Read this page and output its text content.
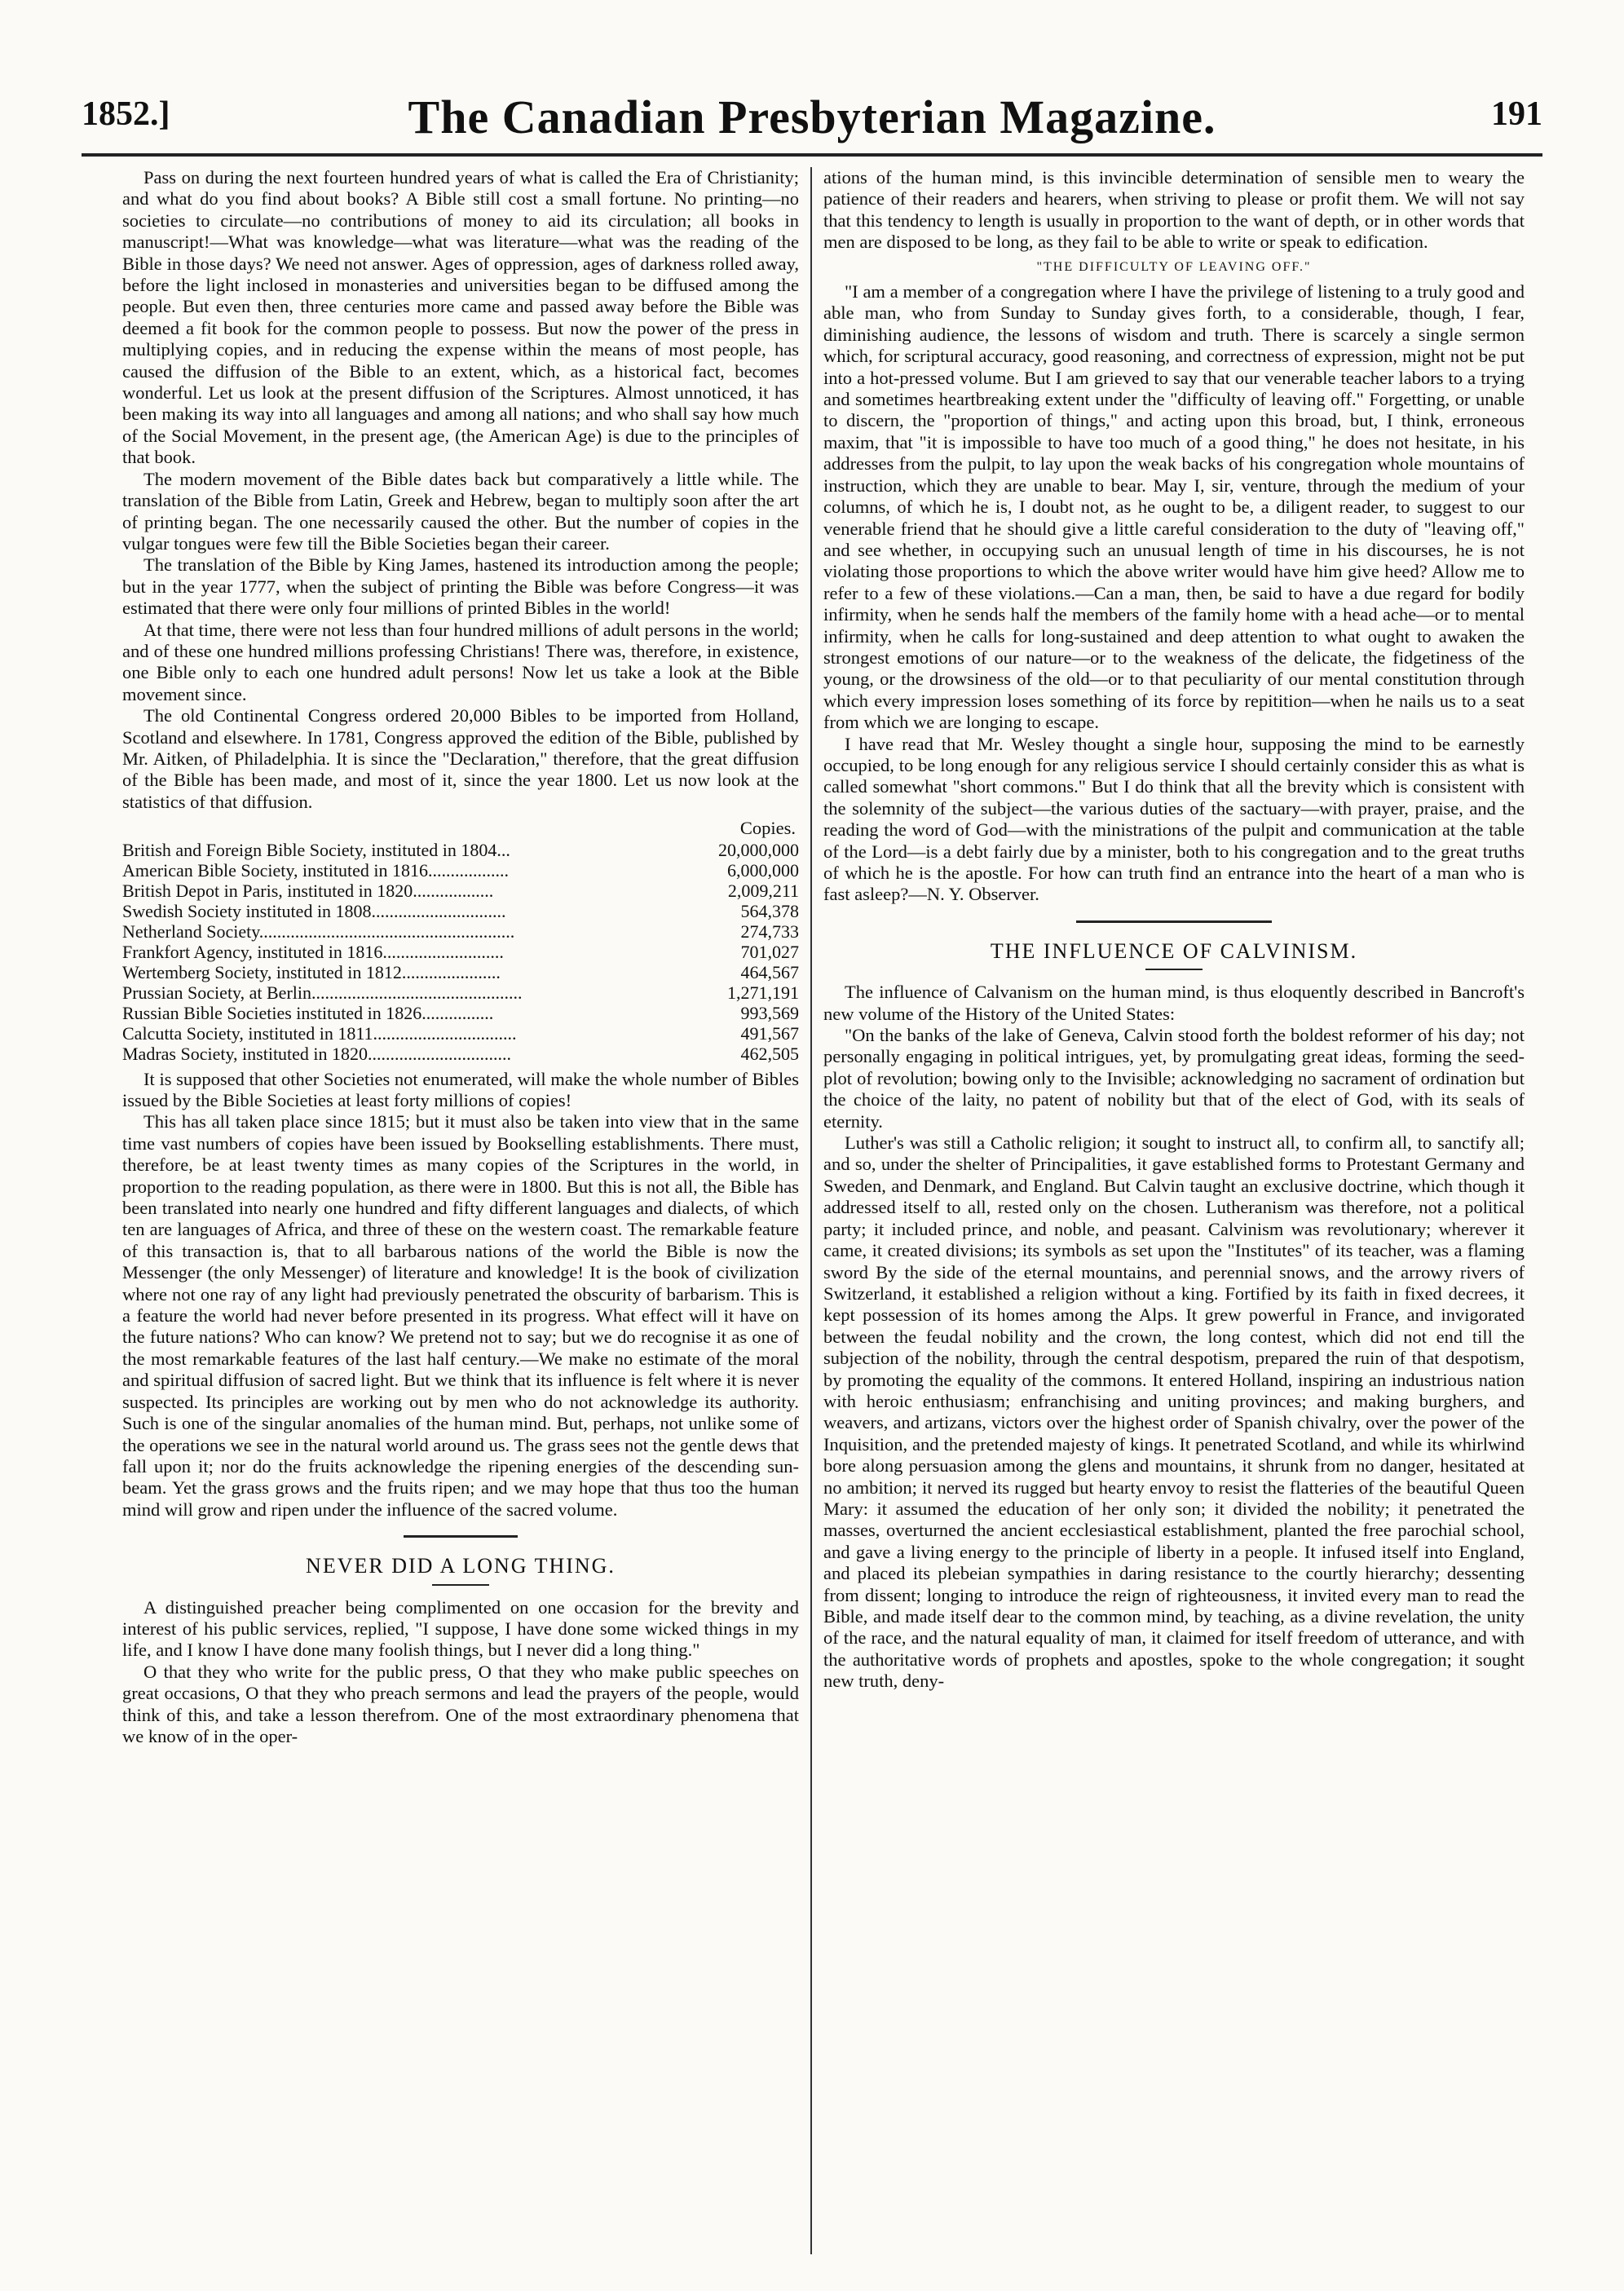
1852.]	The Canadian Presbyterian Magazine.	191

Pass on during the next fourteen hundred years of what is called the Era of Christianity; and what do you find about books? A Bible still cost a small fortune. No printing—no societies to circulate—no contributions of money to aid its circulation; all books in manuscript!—What was knowledge—what was literature—what was the reading of the Bible in those days? We need not answer. Ages of oppression, ages of darkness rolled away, before the light inclosed in monasteries and universities began to be diffused among the people. But even then, three centuries more came and passed away before the Bible was deemed a fit book for the common people to possess. But now the power of the press in multiplying copies, and in reducing the expense within the means of most people, has caused the diffusion of the Bible to an extent, which, as a historical fact, becomes wonderful. Let us look at the present diffusion of the Scriptures. Almost unnoticed, it has been making its way into all languages and among all nations; and who shall say how much of the Social Movement, in the present age, (the American Age) is due to the principles of that book.

The modern movement of the Bible dates back but comparatively a little while. The translation of the Bible from Latin, Greek and Hebrew, began to multiply soon after the art of printing began. The one necessarily caused the other. But the number of copies in the vulgar tongues were few till the Bible Societies began their career.

The translation of the Bible by King James, hastened its introduction among the people; but in the year 1777, when the subject of printing the Bible was before Congress—it was estimated that there were only four millions of printed Bibles in the world!

At that time, there were not less than four hundred millions of adult persons in the world; and of these one hundred millions professing Christians! There was, therefore, in existence, one Bible only to each one hundred adult persons! Now let us take a look at the Bible movement since.

The old Continental Congress ordered 20,000 Bibles to be imported from Holland, Scotland and elsewhere. In 1781, Congress approved the edition of the Bible, published by Mr. Aitken, of Philadelphia. It is since the "Declaration," therefore, that the great diffusion of the Bible has been made, and most of it, since the year 1800. Let us now look at the statistics of that diffusion.

Copies.
British and Foreign Bible Society, instituted in 1804...	20,000,000
American Bible Society, instituted in 1816..................	6,000,000
British Depot in Paris, instituted in 1820..................	2,009,211
Swedish Society instituted in 1808..............................	564,378
Netherland Society.........................................................	274,733
Frankfort Agency, instituted in 1816...........................	701,027
Wertemberg Society, instituted in 1812......................	464,567
Prussian Society, at Berlin...............................................	1,271,191
Russian Bible Societies instituted in 1826................	993,569
Calcutta Society, instituted in 1811................................	491,567
Madras Society, instituted in 1820................................	462,505

It is supposed that other Societies not enumerated, will make the whole number of Bibles issued by the Bible Societies at least forty millions of copies!

This has all taken place since 1815; but it must also be taken into view that in the same time vast numbers of copies have been issued by Bookselling establishments. There must, therefore, be at least twenty times as many copies of the Scriptures in the world, in proportion to the reading population, as there were in 1800. But this is not all, the Bible has been translated into nearly one hundred and fifty different languages and dialects, of which ten are languages of Africa, and three of these on the western coast. The remarkable feature of this transaction is, that to all barbarous nations of the world the Bible is now the Messenger (the only Messenger) of literature and knowledge! It is the book of civilization where not one ray of any light had previously penetrated the obscurity of barbarism. This is a feature the world had never before presented in its progress. What effect will it have on the future nations? Who can know? We pretend not to say; but we do recognise it as one of the most remarkable features of the last half century.—We make no estimate of the moral and spiritual diffusion of sacred light. But we think that its influence is felt where it is never suspected. Its principles are working out by men who do not acknowledge its authority. Such is one of the singular anomalies of the human mind. But, perhaps, not unlike some of the operations we see in the natural world around us. The grass sees not the gentle dews that fall upon it; nor do the fruits acknowledge the ripening energies of the descending sun-beam. Yet the grass grows and the fruits ripen; and we may hope that thus too the human mind will grow and ripen under the influence of the sacred volume.

NEVER DID A LONG THING.

A distinguished preacher being complimented on one occasion for the brevity and interest of his public services, replied, "I suppose, I have done some wicked things in my life, and I know I have done many foolish things, but I never did a long thing."

O that they who write for the public press, O that they who make public speeches on great occasions, O that they who preach sermons and lead the prayers of the people, would think of this, and take a lesson therefrom. One of the most extraordinary phenomena that we know of in the oper-

ations of the human mind, is this invincible determination of sensible men to weary the patience of their readers and hearers, when striving to please or profit them. We will not say that this tendency to length is usually in proportion to the want of depth, or in other words that men are disposed to be long, as they fail to be able to write or speak to edification.

"THE DIFFICULTY OF LEAVING OFF."

"I am a member of a congregation where I have the privilege of listening to a truly good and able man, who from Sunday to Sunday gives forth, to a considerable, though, I fear, diminishing audience, the lessons of wisdom and truth. There is scarcely a single sermon which, for scriptural accuracy, good reasoning, and correctness of expression, might not be put into a hot-pressed volume. But I am grieved to say that our venerable teacher labors to a trying and sometimes heartbreaking extent under the "difficulty of leaving off." Forgetting, or unable to discern, the "proportion of things," and acting upon this broad, but, I think, erroneous maxim, that "it is impossible to have too much of a good thing," he does not hesitate, in his addresses from the pulpit, to lay upon the weak backs of his congregation whole mountains of instruction, which they are unable to bear. May I, sir, venture, through the medium of your columns, of which he is, I doubt not, as he ought to be, a diligent reader, to suggest to our venerable friend that he should give a little careful consideration to the duty of "leaving off," and see whether, in occupying such an unusual length of time in his discourses, he is not violating those proportions to which the above writer would have him give heed? Allow me to refer to a few of these violations.—Can a man, then, be said to have a due regard for bodily infirmity, when he sends half the members of the family home with a head ache—or to mental infirmity, when he calls for long-sustained and deep attention to what ought to awaken the strongest emotions of our nature—or to the weakness of the delicate, the fidgetiness of the young, or the drowsiness of the old—or to that peculiarity of our mental constitution through which every impression loses something of its force by repitition—when he nails us to a seat from which we are longing to escape.

I have read that Mr. Wesley thought a single hour, supposing the mind to be earnestly occupied, to be long enough for any religious service I should certainly consider this as what is called somewhat "short commons." But I do think that all the brevity which is consistent with the solemnity of the subject—the various duties of the sactuary—with prayer, praise, and the reading the word of God—with the ministrations of the pulpit and communication at the table of the Lord—is a debt fairly due by a minister, both to his congregation and to the great truths of which he is the apostle. For how can truth find an entrance into the heart of a man who is fast asleep?—N. Y. Observer.

THE INFLUENCE OF CALVINISM.

The influence of Calvanism on the human mind, is thus eloquently described in Bancroft's new volume of the History of the United States:

"On the banks of the lake of Geneva, Calvin stood forth the boldest reformer of his day; not personally engaging in political intrigues, yet, by promulgating great ideas, forming the seed-plot of revolution; bowing only to the Invisible; acknowledging no sacrament of ordination but the choice of the laity, no patent of nobility but that of the elect of God, with its seals of eternity.

Luther's was still a Catholic religion; it sought to instruct all, to confirm all, to sanctify all; and so, under the shelter of Principalities, it gave established forms to Protestant Germany and Sweden, and Denmark, and England. But Calvin taught an exclusive doctrine, which though it addressed itself to all, rested only on the chosen. Lutheranism was therefore, not a political party; it included prince, and noble, and peasant. Calvinism was revolutionary; wherever it came, it created divisions; its symbols as set upon the "Institutes" of its teacher, was a flaming sword By the side of the eternal mountains, and perennial snows, and the arrowy rivers of Switzerland, it established a religion without a king. Fortified by its faith in fixed decrees, it kept possession of its homes among the Alps. It grew powerful in France, and invigorated between the feudal nobility and the crown, the long contest, which did not end till the subjection of the nobility, through the central despotism, prepared the ruin of that despotism, by promoting the equality of the commons. It entered Holland, inspiring an industrious nation with heroic enthusiasm; enfranchising and uniting provinces; and making burghers, and weavers, and artizans, victors over the highest order of Spanish chivalry, over the power of the Inquisition, and the pretended majesty of kings. It penetrated Scotland, and while its whirlwind bore along persuasion among the glens and mountains, it shrunk from no danger, hesitated at no ambition; it nerved its rugged but hearty envoy to resist the flatteries of the beautiful Queen Mary: it assumed the education of her only son; it divided the nobility; it penetrated the masses, overturned the ancient ecclesiastical establishment, planted the free parochial school, and gave a living energy to the principle of liberty in a people. It infused itself into England, and placed its plebeian sympathies in daring resistance to the courtly hierarchy; dessenting from dissent; longing to introduce the reign of righteousness, it invited every man to read the Bible, and made itself dear to the common mind, by teaching, as a divine revelation, the unity of the race, and the natural equality of man, it claimed for itself freedom of utterance, and with the authoritative words of prophets and apostles, spoke to the whole congregation; it sought new truth, deny-
